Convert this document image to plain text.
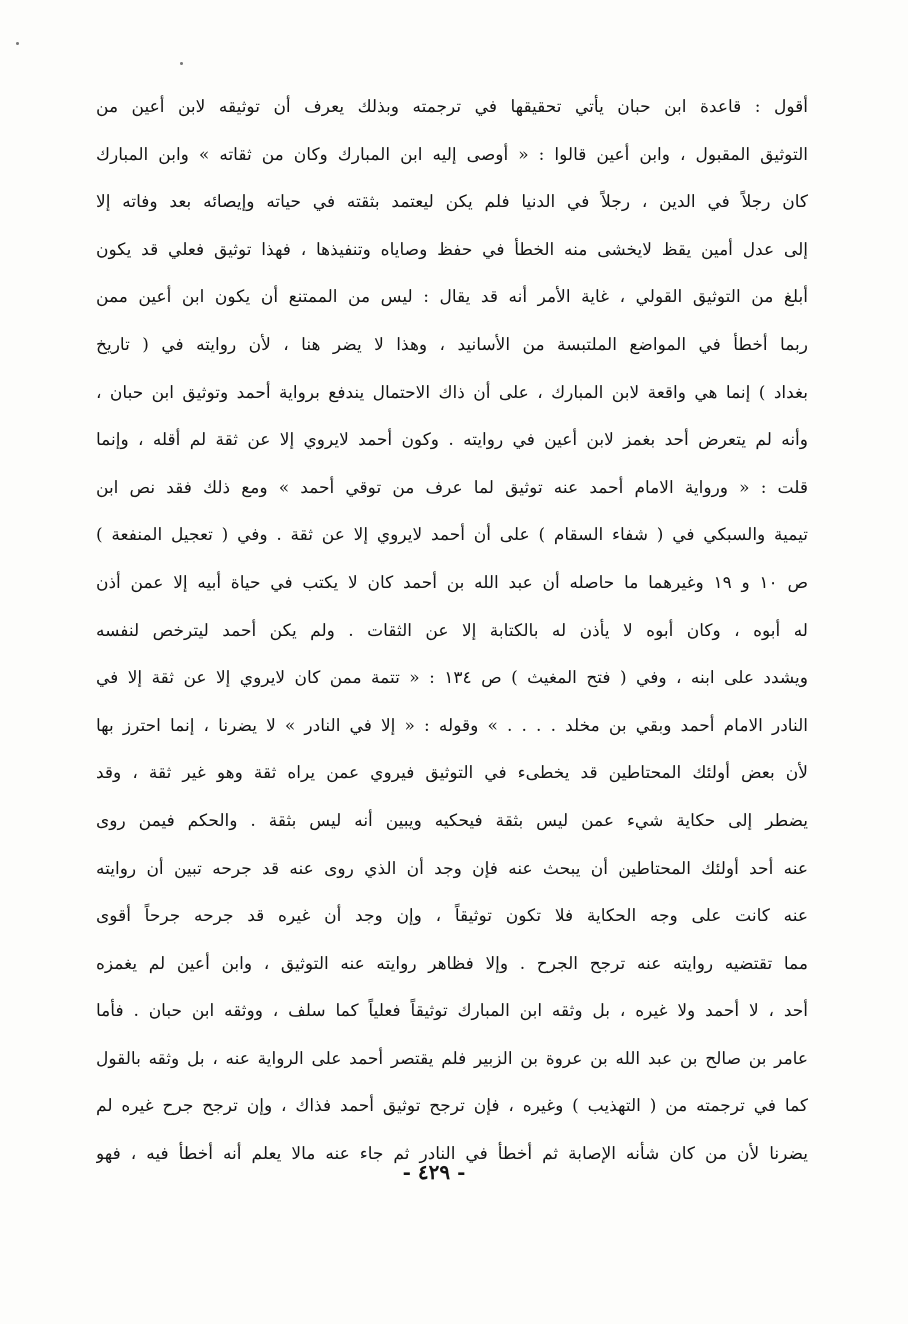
أقول : قاعدة ابن حبان يأتي تحقيقها في ترجمته وبذلك يعرف أن توثيقه لابن أعين من
التوثيق المقبول ، وابن أعين قالوا : « أوصى إليه ابن المبارك وكان من ثقاته » وابن المبارك
كان رجلاً في الدين ، رجلاً في الدنيا فلم يكن ليعتمد بثقته في حياته وإيصائه بعد وفاته إلا
إلى عدل أمين يقظ لايخشى منه الخطأ في حفظ وصاياه وتنفيذها ، فهذا توثيق فعلي قد يكون
أبلغ من التوثيق القولي ، غاية الأمر أنه قد يقال : ليس من الممتنع أن يكون ابن أعين ممن
ربما أخطأ في المواضع الملتبسة من الأسانيد ، وهذا لا يضر هنا ، لأن روايته في ( تاريخ
بغداد ) إنما هي واقعة لابن المبارك ، على أن ذاك الاحتمال يندفع برواية أحمد وتوثيق ابن حبان ،
وأنه لم يتعرض أحد بغمز لابن أعين في روايته . وكون أحمد لايروي إلا عن ثقة لم أقله ، وإنما
قلت : « ورواية الامام أحمد عنه توثيق لما عرف من توقي أحمد » ومع ذلك فقد نص ابن
تيمية والسبكي في ( شفاء السقام ) على أن أحمد لايروي إلا عن ثقة . وفي ( تعجيل المنفعة )
ص ١٠ و ١٩ وغيرهما ما حاصله أن عبد الله بن أحمد كان لا يكتب في حياة أبيه إلا عمن أذن
له أبوه ، وكان أبوه لا يأذن له بالكتابة إلا عن الثقات . ولم يكن أحمد ليترخص لنفسه
ويشدد على ابنه ، وفي ( فتح المغيث ) ص ١٣٤ : « تتمة ممن كان لايروي إلا عن ثقة إلا في
النادر الامام أحمد وبقي بن مخلد . . . . » وقوله : « إلا في النادر » لا يضرنا ، إنما احترز بها
لأن بعض أولئك المحتاطين قد يخطىء في التوثيق فيروي عمن يراه ثقة وهو غير ثقة ، وقد
يضطر إلى حكاية شيء عمن ليس بثقة فيحكيه ويبين أنه ليس بثقة . والحكم فيمن روى
عنه أحد أولئك المحتاطين أن يبحث عنه فإن وجد أن الذي روى عنه قد جرحه تبين أن روايته
عنه كانت على وجه الحكاية فلا تكون توثيقاً ، وإن وجد أن غيره قد جرحه جرحاً أقوى
مما تقتضيه روايته عنه ترجح الجرح . وإلا فظاهر روايته عنه التوثيق ، وابن أعين لم يغمزه
أحد ، لا أحمد ولا غيره ، بل وثقه ابن المبارك توثيقاً فعلياً كما سلف ، ووثقه ابن حبان . فأما
عامر بن صالح بن عبد الله بن عروة بن الزبير فلم يقتصر أحمد على الرواية عنه ، بل وثقه بالقول
كما في ترجمته من ( التهذيب ) وغيره ، فإن ترجح توثيق أحمد فذاك ، وإن ترجح جرح غيره لم
يضرنا لأن من كان شأنه الإصابة ثم أخطأ في النادر ثم جاء عنه مالا يعلم أنه أخطأ فيه ، فهو
- ٤٢٩ -
